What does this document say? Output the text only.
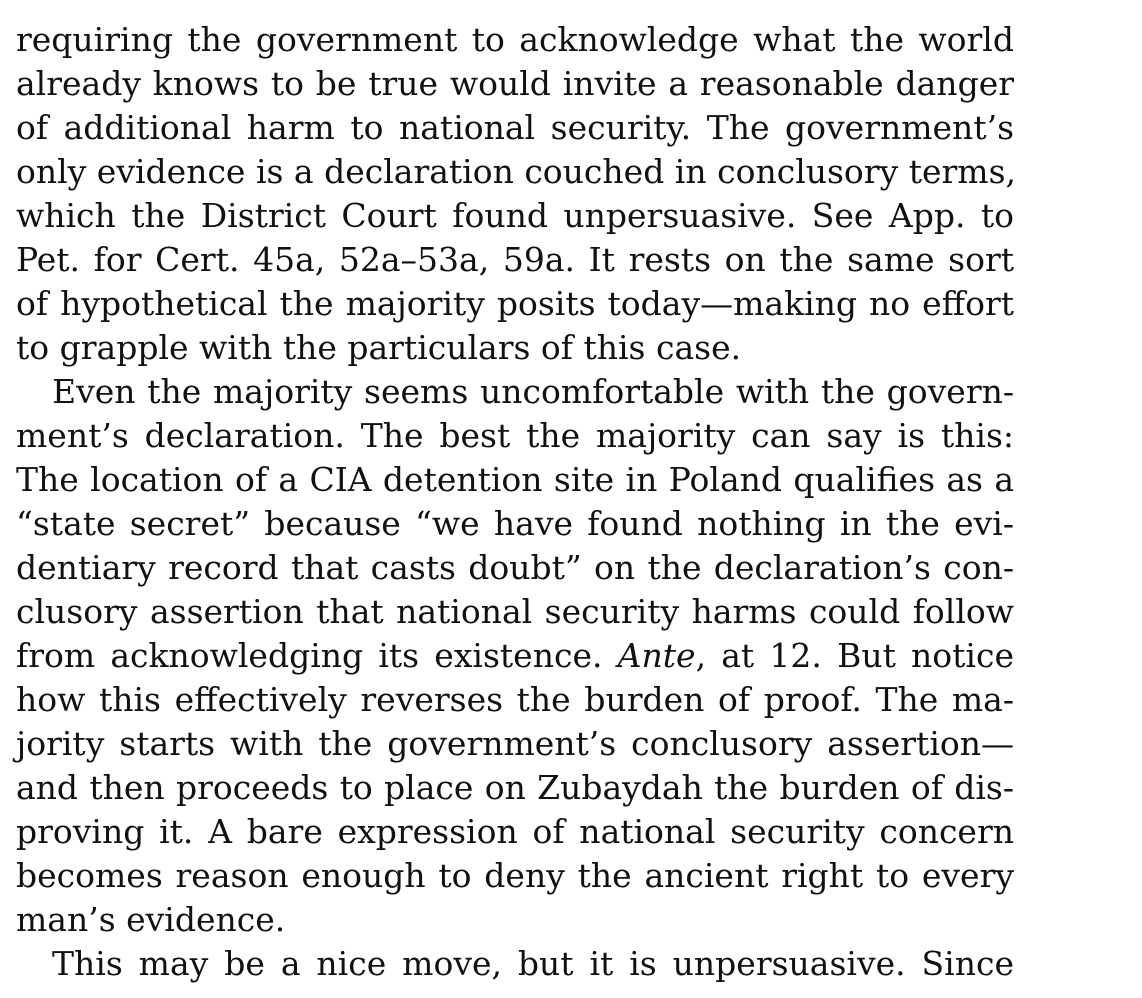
requiring the government to acknowledge what the world
already knows to be true would invite a reasonable danger
of additional harm to national security. The government’s
only evidence is a declaration couched in conclusory terms,
which the District Court found unpersuasive. See App. to
Pet. for Cert. 45a, 52a–53a, 59a. It rests on the same sort
of hypothetical the majority posits today—making no effort
to grapple with the particulars of this case.
Even the majority seems uncomfortable with the govern-
ment’s declaration. The best the majority can say is this:
The location of a CIA detention site in Poland qualifies as a
“state secret” because “we have found nothing in the evi-
dentiary record that casts doubt” on the declaration’s con-
clusory assertion that national security harms could follow
from acknowledging its existence. Ante, at 12. But notice
how this effectively reverses the burden of proof. The ma-
jority starts with the government’s conclusory assertion—
and then proceeds to place on Zubaydah the burden of dis-
proving it. A bare expression of national security concern
becomes reason enough to deny the ancient right to every
man’s evidence.
This may be a nice move, but it is unpersuasive. Since
